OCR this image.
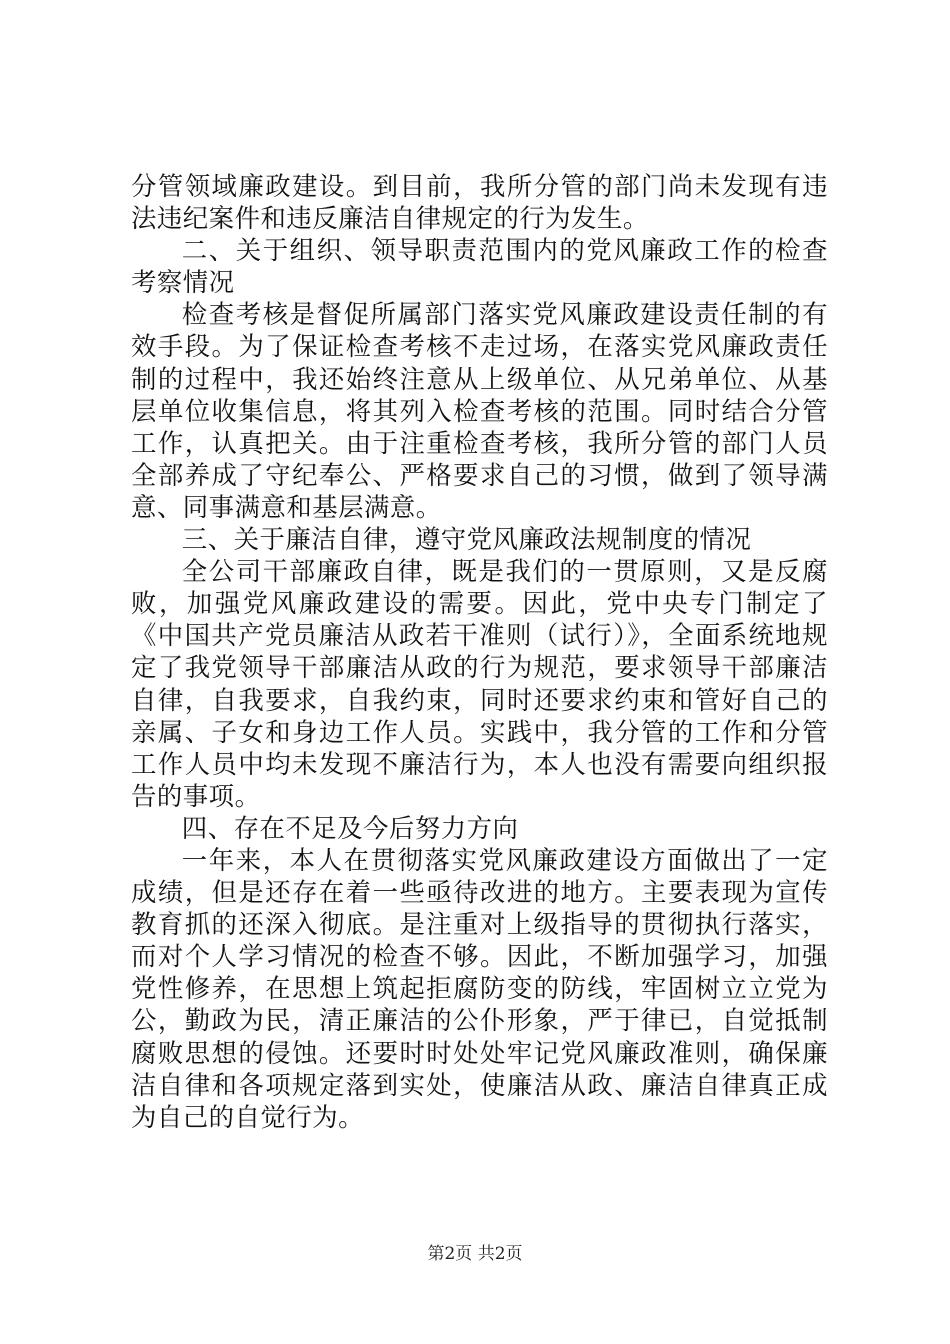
分管领域廉政建设。到目前，我所分管的部门尚未发现有违法违纪案件和违反廉洁自律规定的行为发生。

二、关于组织、领导职责范围内的党风廉政工作的检查考察情况

检查考核是督促所属部门落实党风廉政建设责任制的有效手段。为了保证检查考核不走过场，在落实党风廉政责任制的过程中，我还始终注意从上级单位、从兄弟单位、从基层单位收集信息，将其列入检查考核的范围。同时结合分管工作，认真把关。由于注重检查考核，我所分管的部门人员全部养成了守纪奉公、严格要求自己的习惯，做到了领导满意、同事满意和基层满意。

三、关于廉洁自律，遵守党风廉政法规制度的情况

全公司干部廉政自律，既是我们的一贯原则，又是反腐败，加强党风廉政建设的需要。因此，党中央专门制定了《中国共产党员廉洁从政若干准则（试行）》，全面系统地规定了我党领导干部廉洁从政的行为规范，要求领导干部廉洁自律，自我要求，自我约束，同时还要求约束和管好自己的亲属、子女和身边工作人员。实践中，我分管的工作和分管工作人员中均未发现不廉洁行为，本人也没有需要向组织报告的事项。

四、存在不足及今后努力方向

一年来，本人在贯彻落实党风廉政建设方面做出了一定成绩，但是还存在着一些亟待改进的地方。主要表现为宣传教育抓的还深入彻底。是注重对上级指导的贯彻执行落实，而对个人学习情况的检查不够。因此，不断加强学习，加强党性修养，在思想上筑起拒腐防变的防线，牢固树立立党为公，勤政为民，清正廉洁的公仆形象，严于律已，自觉抵制腐败思想的侵蚀。还要时时处处牢记党风廉政准则，确保廉洁自律和各项规定落到实处，使廉洁从政、廉洁自律真正成为自己的自觉行为。

第2页 共2页
